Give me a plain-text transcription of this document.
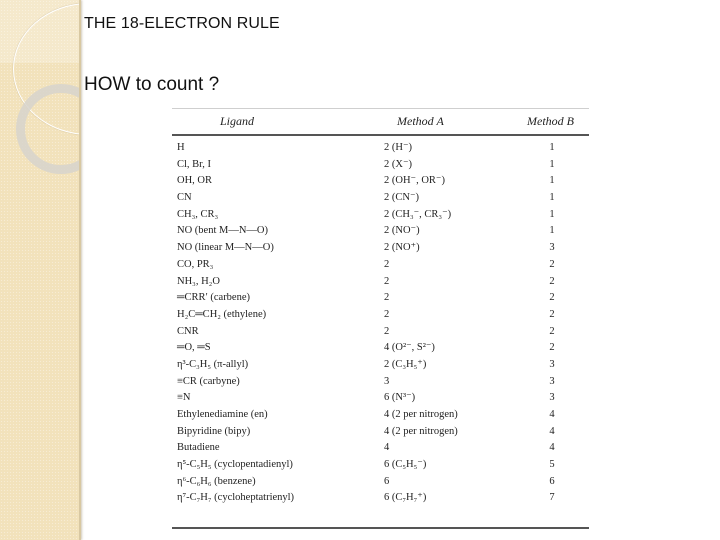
THE 18-ELECTRON RULE
HOW to count ?
Ligand	Method A	Method B
H	2 (H⁻)	1
Cl, Br, I	2 (X⁻)	1
OH, OR	2 (OH⁻, OR⁻)	1
CN	2 (CN⁻)	1
CH₃, CR₃	2 (CH₃⁻, CR₃⁻)	1
NO (bent M—N—O)	2 (NO⁻)	1
NO (linear M—N—O)	2 (NO⁺)	3
CO, PR₃	2	2
NH₃, H₂O	2	2
═CRR′ (carbene)	2	2
H₂C═CH₂ (ethylene)	2	2
CNR	2	2
═O, ═S	4 (O²⁻, S²⁻)	2
η³-C₃H₅ (π-allyl)	2 (C₃H₅⁺)	3
≡CR (carbyne)	3	3
≡N	6 (N³⁻)	3
Ethylenediamine (en)	4 (2 per nitrogen)	4
Bipyridine (bipy)	4 (2 per nitrogen)	4
Butadiene	4	4
η⁵-C₅H₅ (cyclopentadienyl)	6 (C₅H₅⁻)	5
η⁶-C₆H₆ (benzene)	6	6
η⁷-C₇H₇ (cycloheptatrienyl)	6 (C₇H₇⁺)	7
